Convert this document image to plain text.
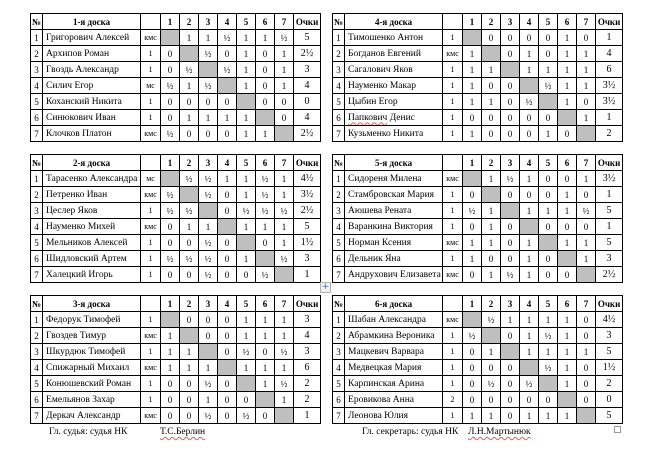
№	1-я доска		1	2	3	4	5	6	7	Очки
1	Григорович Алексей	кмс		1	1	½	1	1	½	5
2	Архипов Роман	1	0		½	0	1	0	1	2½
3	Гвоздь Александр	1	0	½		½	1	0	1	3
4	Силич Егор	мс	½	1	½		1	0	1	4
5	Коханский Никита	1	0	0	0	0		0	0	0
6	Синюкович Иван	1	0	1	1	1	1		0	4
7	Клочков Платон	кмс	½	0	0	0	1	1		2½
№	2-я доска		1	2	3	4	5	6	7	Очки
1	Тарасенко Александра	мс		½	½	1	1	½	1	4½
2	Петренко Иван	кмс	½		½	0	1	½	1	3½
3	Цеслер Яков	1	½	½		0	½	½	½	2½
4	Науменко Михей	кмс	0	1	1		1	1	1	5
5	Мельников Алексей	1	0	0	½	0		0	1	1½
6	Шидловский Артем	1	½	½	½	0	1		½	3
7	Халецкий Игорь	1	0	0	½	0	0	½		1
№	3-я доска		1	2	3	4	5	6	7	Очки
1	Федорук Тимофей	1		0	0	0	1	1	1	3
2	Гвоздев Тимур	кмс	1		0	0	1	1	1	4
3	Шкурдюк Тимофей	1	1	1		0	½	0	½	3
4	Спижарный Михаил	кмс	1	1	1		1	1	1	6
5	Конюшевский Роман	1	0	0	½	0		1	½	2
6	Емельянов Захар	1	0	0	1	0	0		1	2
7	Деркач Александр	кмс	0	0	½	0	½	0		1
№	4-я доска		1	2	3	4	5	6	7	Очки
1	Тимошенко Антон	1		0	0	0	0	1	0	1
2	Богданов Евгений	кмс	1		0	1	0	1	1	4
3	Сагалович Яков	1	1	1		1	1	1	1	6
4	Науменко Макар	1	1	0	0		½	1	1	3½
5	Цыбин Егор	1	1	1	0	½		1	0	3½
6	Папкович Денис	1	0	0	0	0	0		1	1
7	Кузьменко Никита	1	1	0	0	0	1	0		2
№	5-я доска		1	2	3	4	5	6	7	Очки
1	Сидореня Милена	кмс		1	½	1	0	0	1	3½
2	Стамбровская Мария	1	0		0	0	0	1	0	1
3	Аюшева Рената	1	½	1		1	1	1	½	5
4	Варанкина Виктория	1	0	1	0		0	0	0	1
5	Норман Ксения	кмс	1	1	0	1		1	1	5
6	Дельник Яна	1	1	0	0	1	0		1	3
7	Андрухович Елизавета	кмс	0	1	½	1	0	0		2½
№	6-я доска		1	2	3	4	5	6	7	Очки
1	Шабан Александра	кмс		½	1	1	1	1	0	4½
2	Абрамкина Вероника	1	½		0	1	½	1	0	3
3	Мацкевич Варвара	1	0	1		1	1	1	1	5
4	Медвецкая Мария	1	0	0	0		½	1	0	1½
5	Карпинская Арина	1	0	½	0	½		1	0	2
6	Еровикова Анна	2	0	0	0	0	0		0	0
7	Леонова Юлия	1	1	1	0	1	1	1		5
Гл. судья: судья НК	Т.С.Берлин	Гл. секретарь: судья НК Л.Н.Мартынюк
+
